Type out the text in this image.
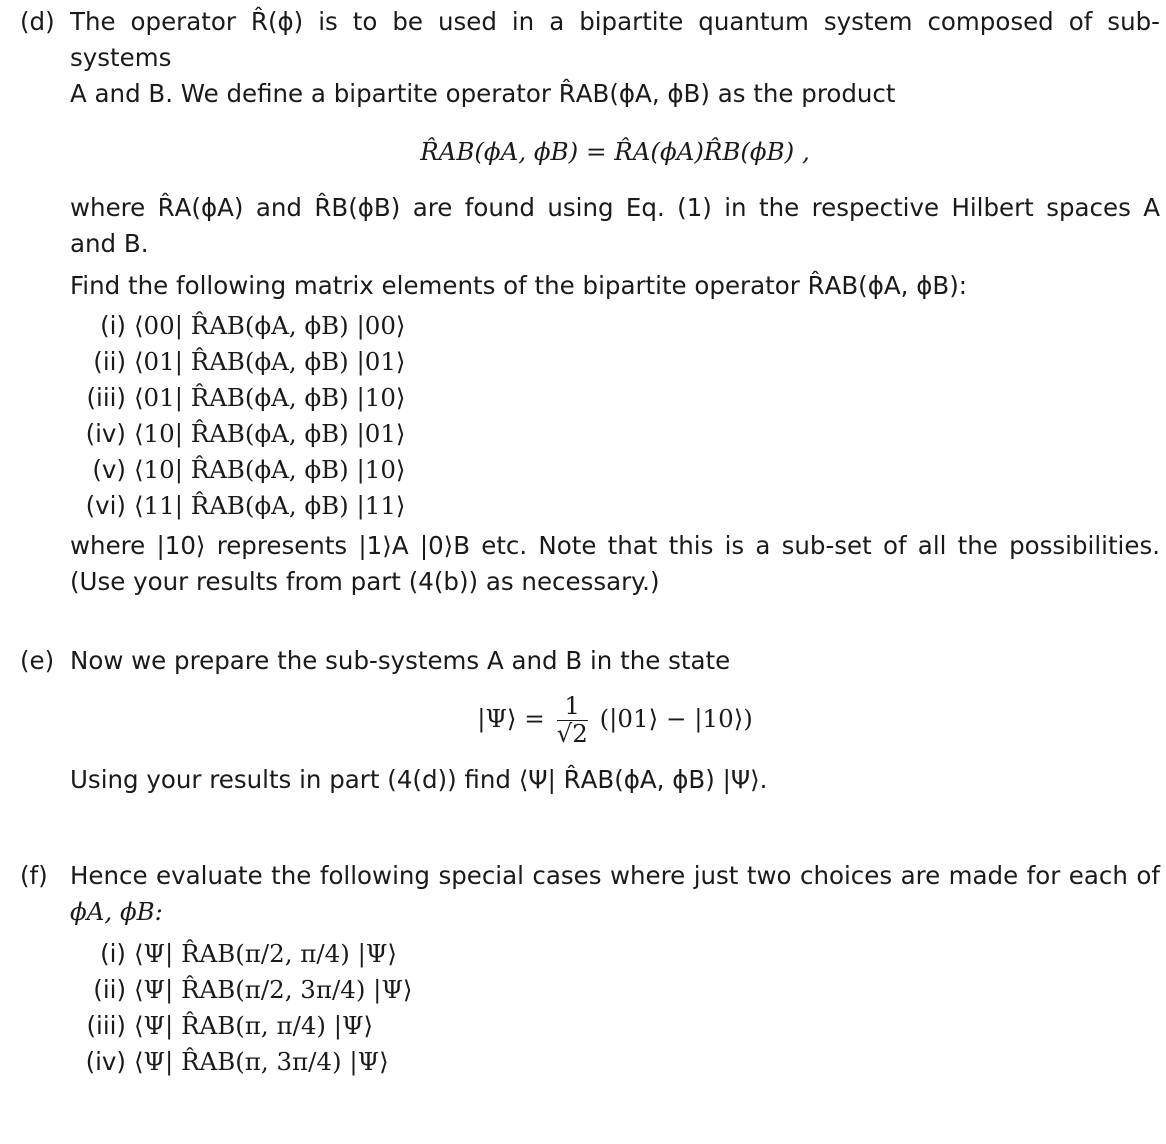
(d) The operator R̂(ϕ) is to be used in a bipartite quantum system composed of sub-systems
A and B. We define a bipartite operator R̂AB(ϕA, ϕB) as the product
R̂AB(ϕA, ϕB) = R̂A(ϕA)R̂B(ϕB) ,
where R̂A(ϕA) and R̂B(ϕB) are found using Eq. (1) in the respective Hilbert spaces A
and B.
Find the following matrix elements of the bipartite operator R̂AB(ϕA, ϕB):
(i) ⟨00| R̂AB(ϕA, ϕB) |00⟩
(ii) ⟨01| R̂AB(ϕA, ϕB) |01⟩
(iii) ⟨01| R̂AB(ϕA, ϕB) |10⟩
(iv) ⟨10| R̂AB(ϕA, ϕB) |01⟩
(v) ⟨10| R̂AB(ϕA, ϕB) |10⟩
(vi) ⟨11| R̂AB(ϕA, ϕB) |11⟩
where |10⟩ represents |1⟩A |0⟩B etc. Note that this is a sub-set of all the possibilities.
(Use your results from part (4(b)) as necessary.)
(e) Now we prepare the sub-systems A and B in the state
|Ψ⟩ = $\frac{1}{√2}$ (|01⟩ − |10⟩)
Using your results in part (4(d)) find ⟨Ψ| R̂AB(ϕA, ϕB) |Ψ⟩.
(f) Hence evaluate the following special cases where just two choices are made for each of
ϕA, ϕB:
(i) ⟨Ψ| R̂AB(π/2, π/4) |Ψ⟩
(ii) ⟨Ψ| R̂AB(π/2, 3π/4) |Ψ⟩
(iii) ⟨Ψ| R̂AB(π, π/4) |Ψ⟩
(iv) ⟨Ψ| R̂AB(π, 3π/4) |Ψ⟩
